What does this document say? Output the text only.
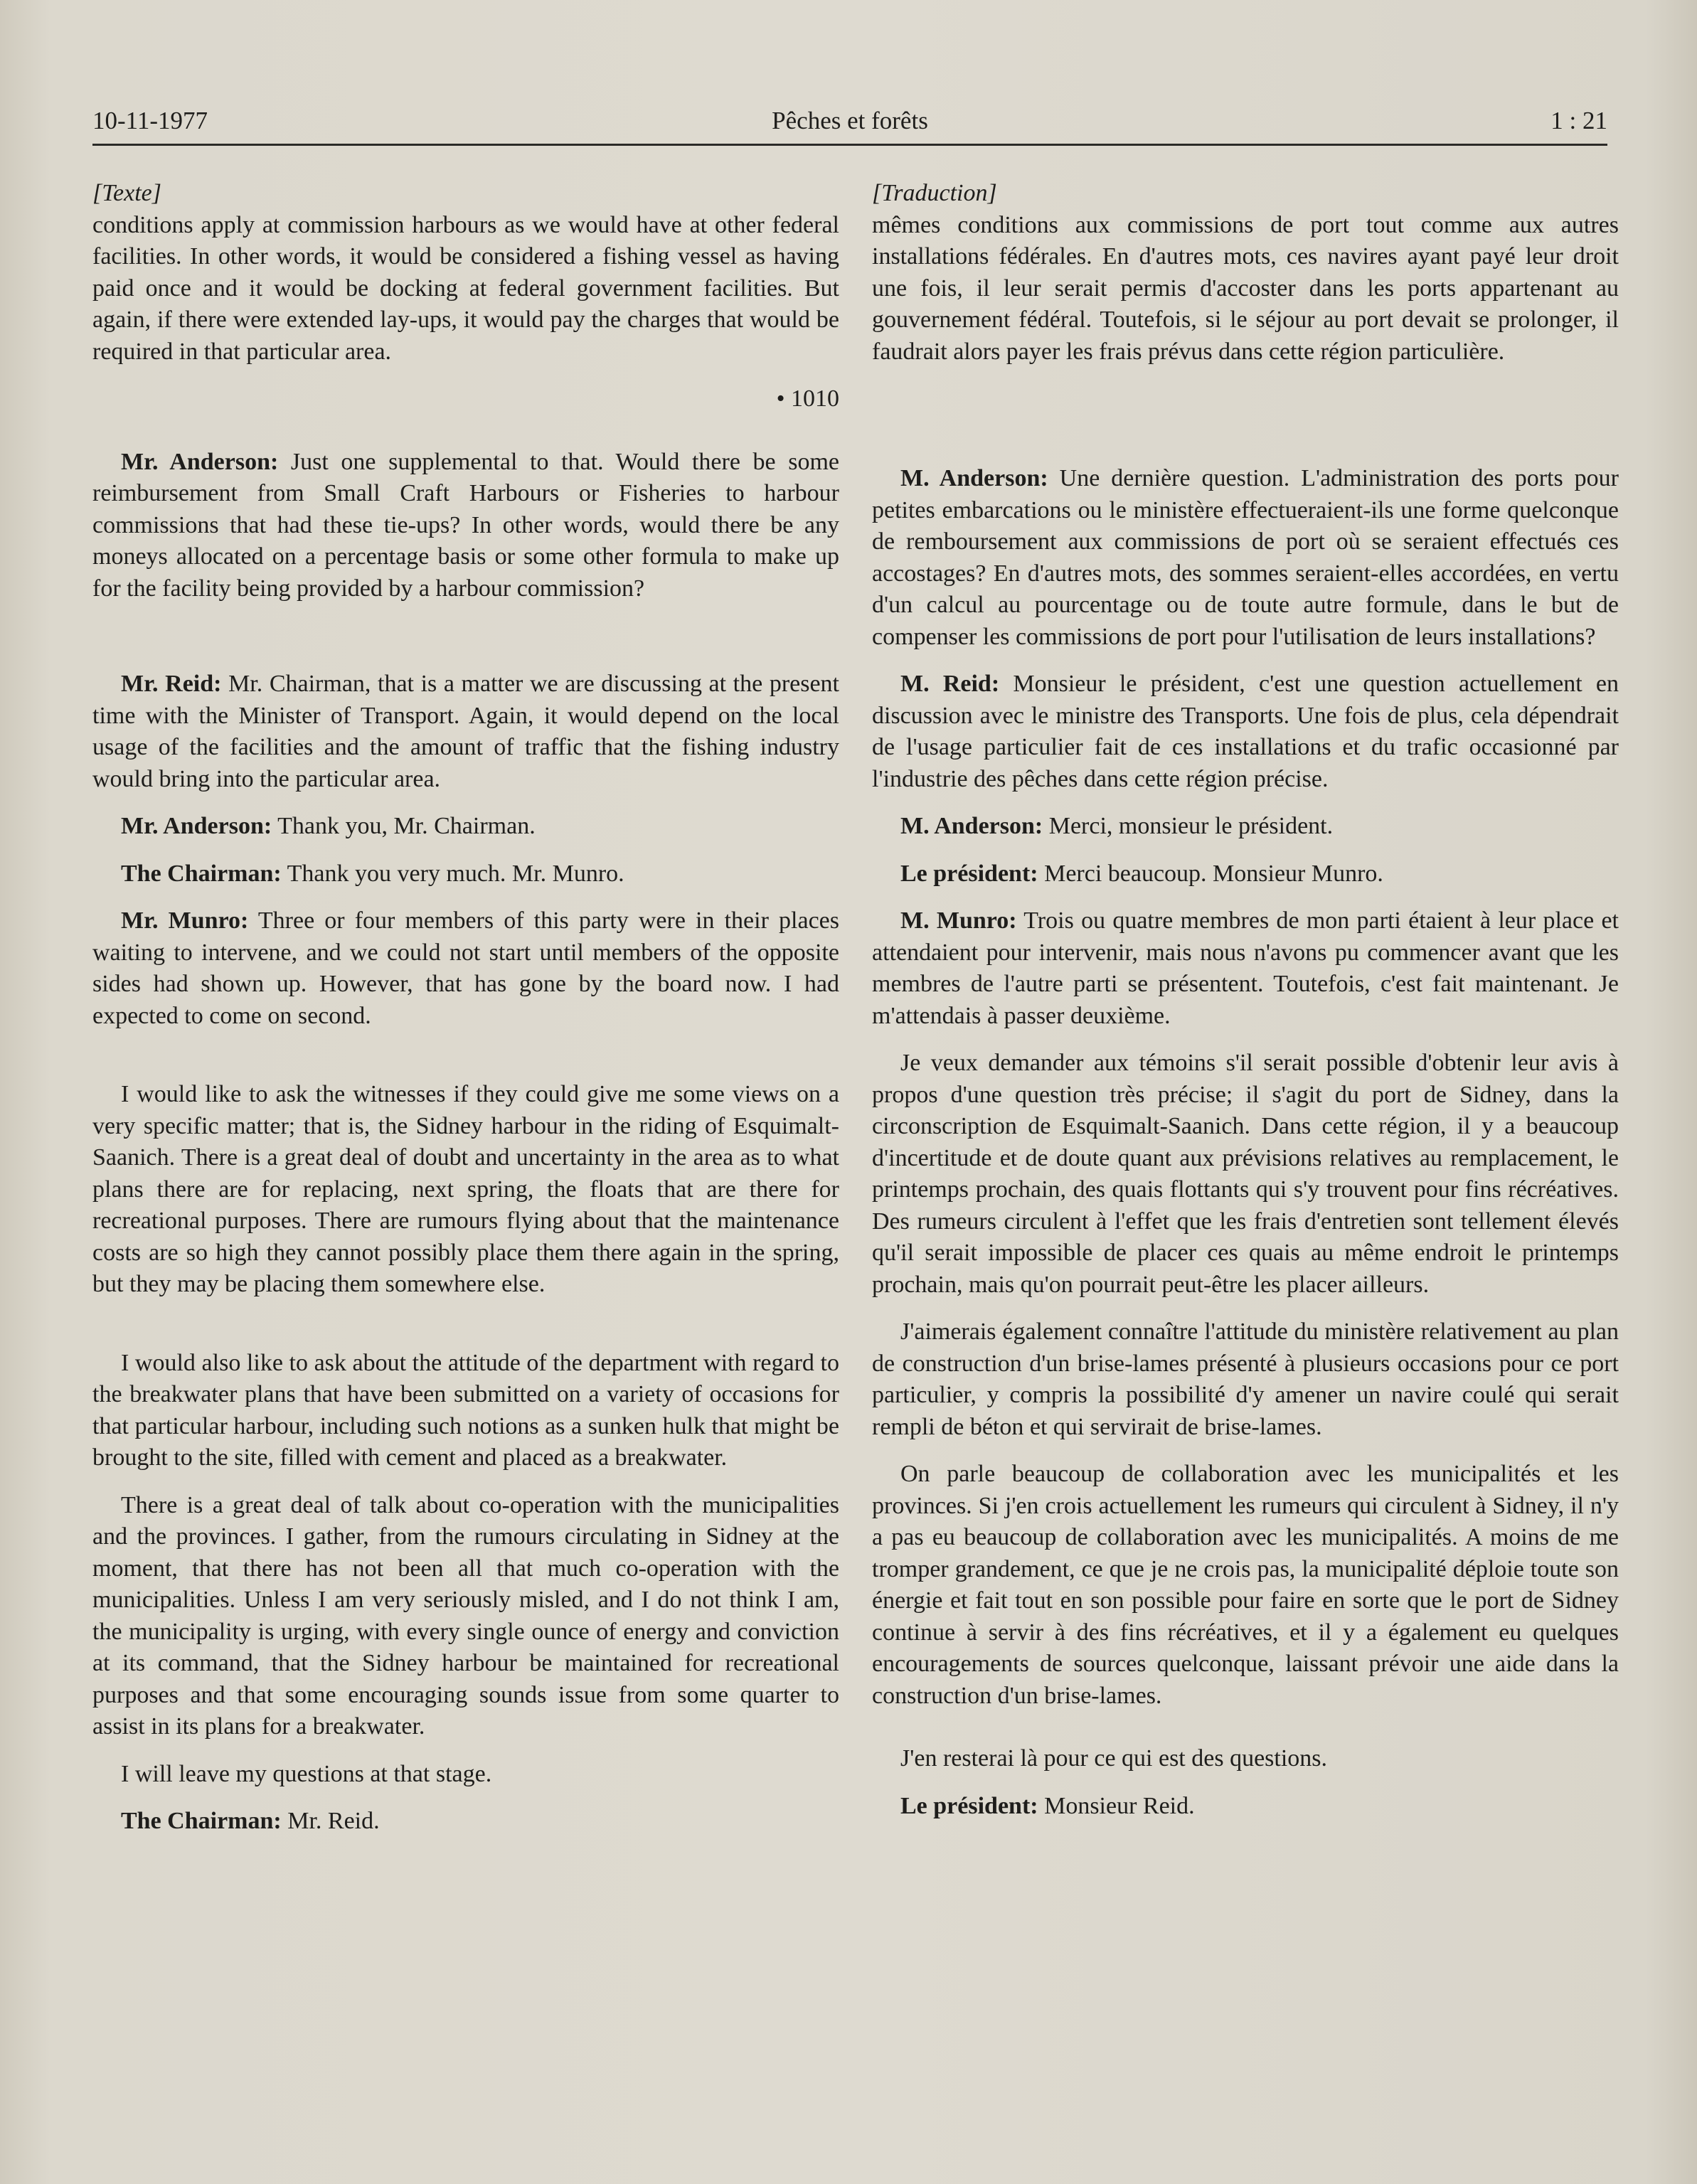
10-11-1977	Pêches et forêts	1 : 21
[Texte]

conditions apply at commission harbours as we would have at other federal facilities. In other words, it would be considered a fishing vessel as having paid once and it would be docking at federal government facilities. But again, if there were extended lay-ups, it would pay the charges that would be required in that particular area.

• 1010

Mr. Anderson: Just one supplemental to that. Would there be some reimbursement from Small Craft Harbours or Fisheries to harbour commissions that had these tie-ups? In other words, would there be any moneys allocated on a percentage basis or some other formula to make up for the facility being provided by a harbour commission?

Mr. Reid: Mr. Chairman, that is a matter we are discussing at the present time with the Minister of Transport. Again, it would depend on the local usage of the facilities and the amount of traffic that the fishing industry would bring into the particular area.

Mr. Anderson: Thank you, Mr. Chairman.

The Chairman: Thank you very much. Mr. Munro.

Mr. Munro: Three or four members of this party were in their places waiting to intervene, and we could not start until members of the opposite sides had shown up. However, that has gone by the board now. I had expected to come on second.

I would like to ask the witnesses if they could give me some views on a very specific matter; that is, the Sidney harbour in the riding of Esquimalt-Saanich. There is a great deal of doubt and uncertainty in the area as to what plans there are for replacing, next spring, the floats that are there for recreational purposes. There are rumours flying about that the maintenance costs are so high they cannot possibly place them there again in the spring, but they may be placing them somewhere else.

I would also like to ask about the attitude of the department with regard to the breakwater plans that have been submitted on a variety of occasions for that particular harbour, including such notions as a sunken hulk that might be brought to the site, filled with cement and placed as a breakwater.

There is a great deal of talk about co-operation with the municipalities and the provinces. I gather, from the rumours circulating in Sidney at the moment, that there has not been all that much co-operation with the municipalities. Unless I am very seriously misled, and I do not think I am, the municipality is urging, with every single ounce of energy and conviction at its command, that the Sidney harbour be maintained for recreational purposes and that some encouraging sounds issue from some quarter to assist in its plans for a breakwater.

I will leave my questions at that stage.

The Chairman: Mr. Reid.

[Traduction]

mêmes conditions aux commissions de port tout comme aux autres installations fédérales. En d'autres mots, ces navires ayant payé leur droit une fois, il leur serait permis d'accoster dans les ports appartenant au gouvernement fédéral. Toutefois, si le séjour au port devait se prolonger, il faudrait alors payer les frais prévus dans cette région particulière.

M. Anderson: Une dernière question. L'administration des ports pour petites embarcations ou le ministère effectueraient-ils une forme quelconque de remboursement aux commissions de port où se seraient effectués ces accostages? En d'autres mots, des sommes seraient-elles accordées, en vertu d'un calcul au pourcentage ou de toute autre formule, dans le but de compenser les commissions de port pour l'utilisation de leurs installations?

M. Reid: Monsieur le président, c'est une question actuellement en discussion avec le ministre des Transports. Une fois de plus, cela dépendrait de l'usage particulier fait de ces installations et du trafic occasionné par l'industrie des pêches dans cette région précise.

M. Anderson: Merci, monsieur le président.

Le président: Merci beaucoup. Monsieur Munro.

M. Munro: Trois ou quatre membres de mon parti étaient à leur place et attendaient pour intervenir, mais nous n'avons pu commencer avant que les membres de l'autre parti se présentent. Toutefois, c'est fait maintenant. Je m'attendais à passer deuxième.

Je veux demander aux témoins s'il serait possible d'obtenir leur avis à propos d'une question très précise; il s'agit du port de Sidney, dans la circonscription de Esquimalt-Saanich. Dans cette région, il y a beaucoup d'incertitude et de doute quant aux prévisions relatives au remplacement, le printemps prochain, des quais flottants qui s'y trouvent pour fins récréatives. Des rumeurs circulent à l'effet que les frais d'entretien sont tellement élevés qu'il serait impossible de placer ces quais au même endroit le printemps prochain, mais qu'on pourrait peut-être les placer ailleurs.

J'aimerais également connaître l'attitude du ministère relativement au plan de construction d'un brise-lames présenté à plusieurs occasions pour ce port particulier, y compris la possibilité d'y amener un navire coulé qui serait rempli de béton et qui servirait de brise-lames.

On parle beaucoup de collaboration avec les municipalités et les provinces. Si j'en crois actuellement les rumeurs qui circulent à Sidney, il n'y a pas eu beaucoup de collaboration avec les municipalités. A moins de me tromper grandement, ce que je ne crois pas, la municipalité déploie toute son énergie et fait tout en son possible pour faire en sorte que le port de Sidney continue à servir à des fins récréatives, et il y a également eu quelques encouragements de sources quelconque, laissant prévoir une aide dans la construction d'un brise-lames.

J'en resterai là pour ce qui est des questions.

Le président: Monsieur Reid.
